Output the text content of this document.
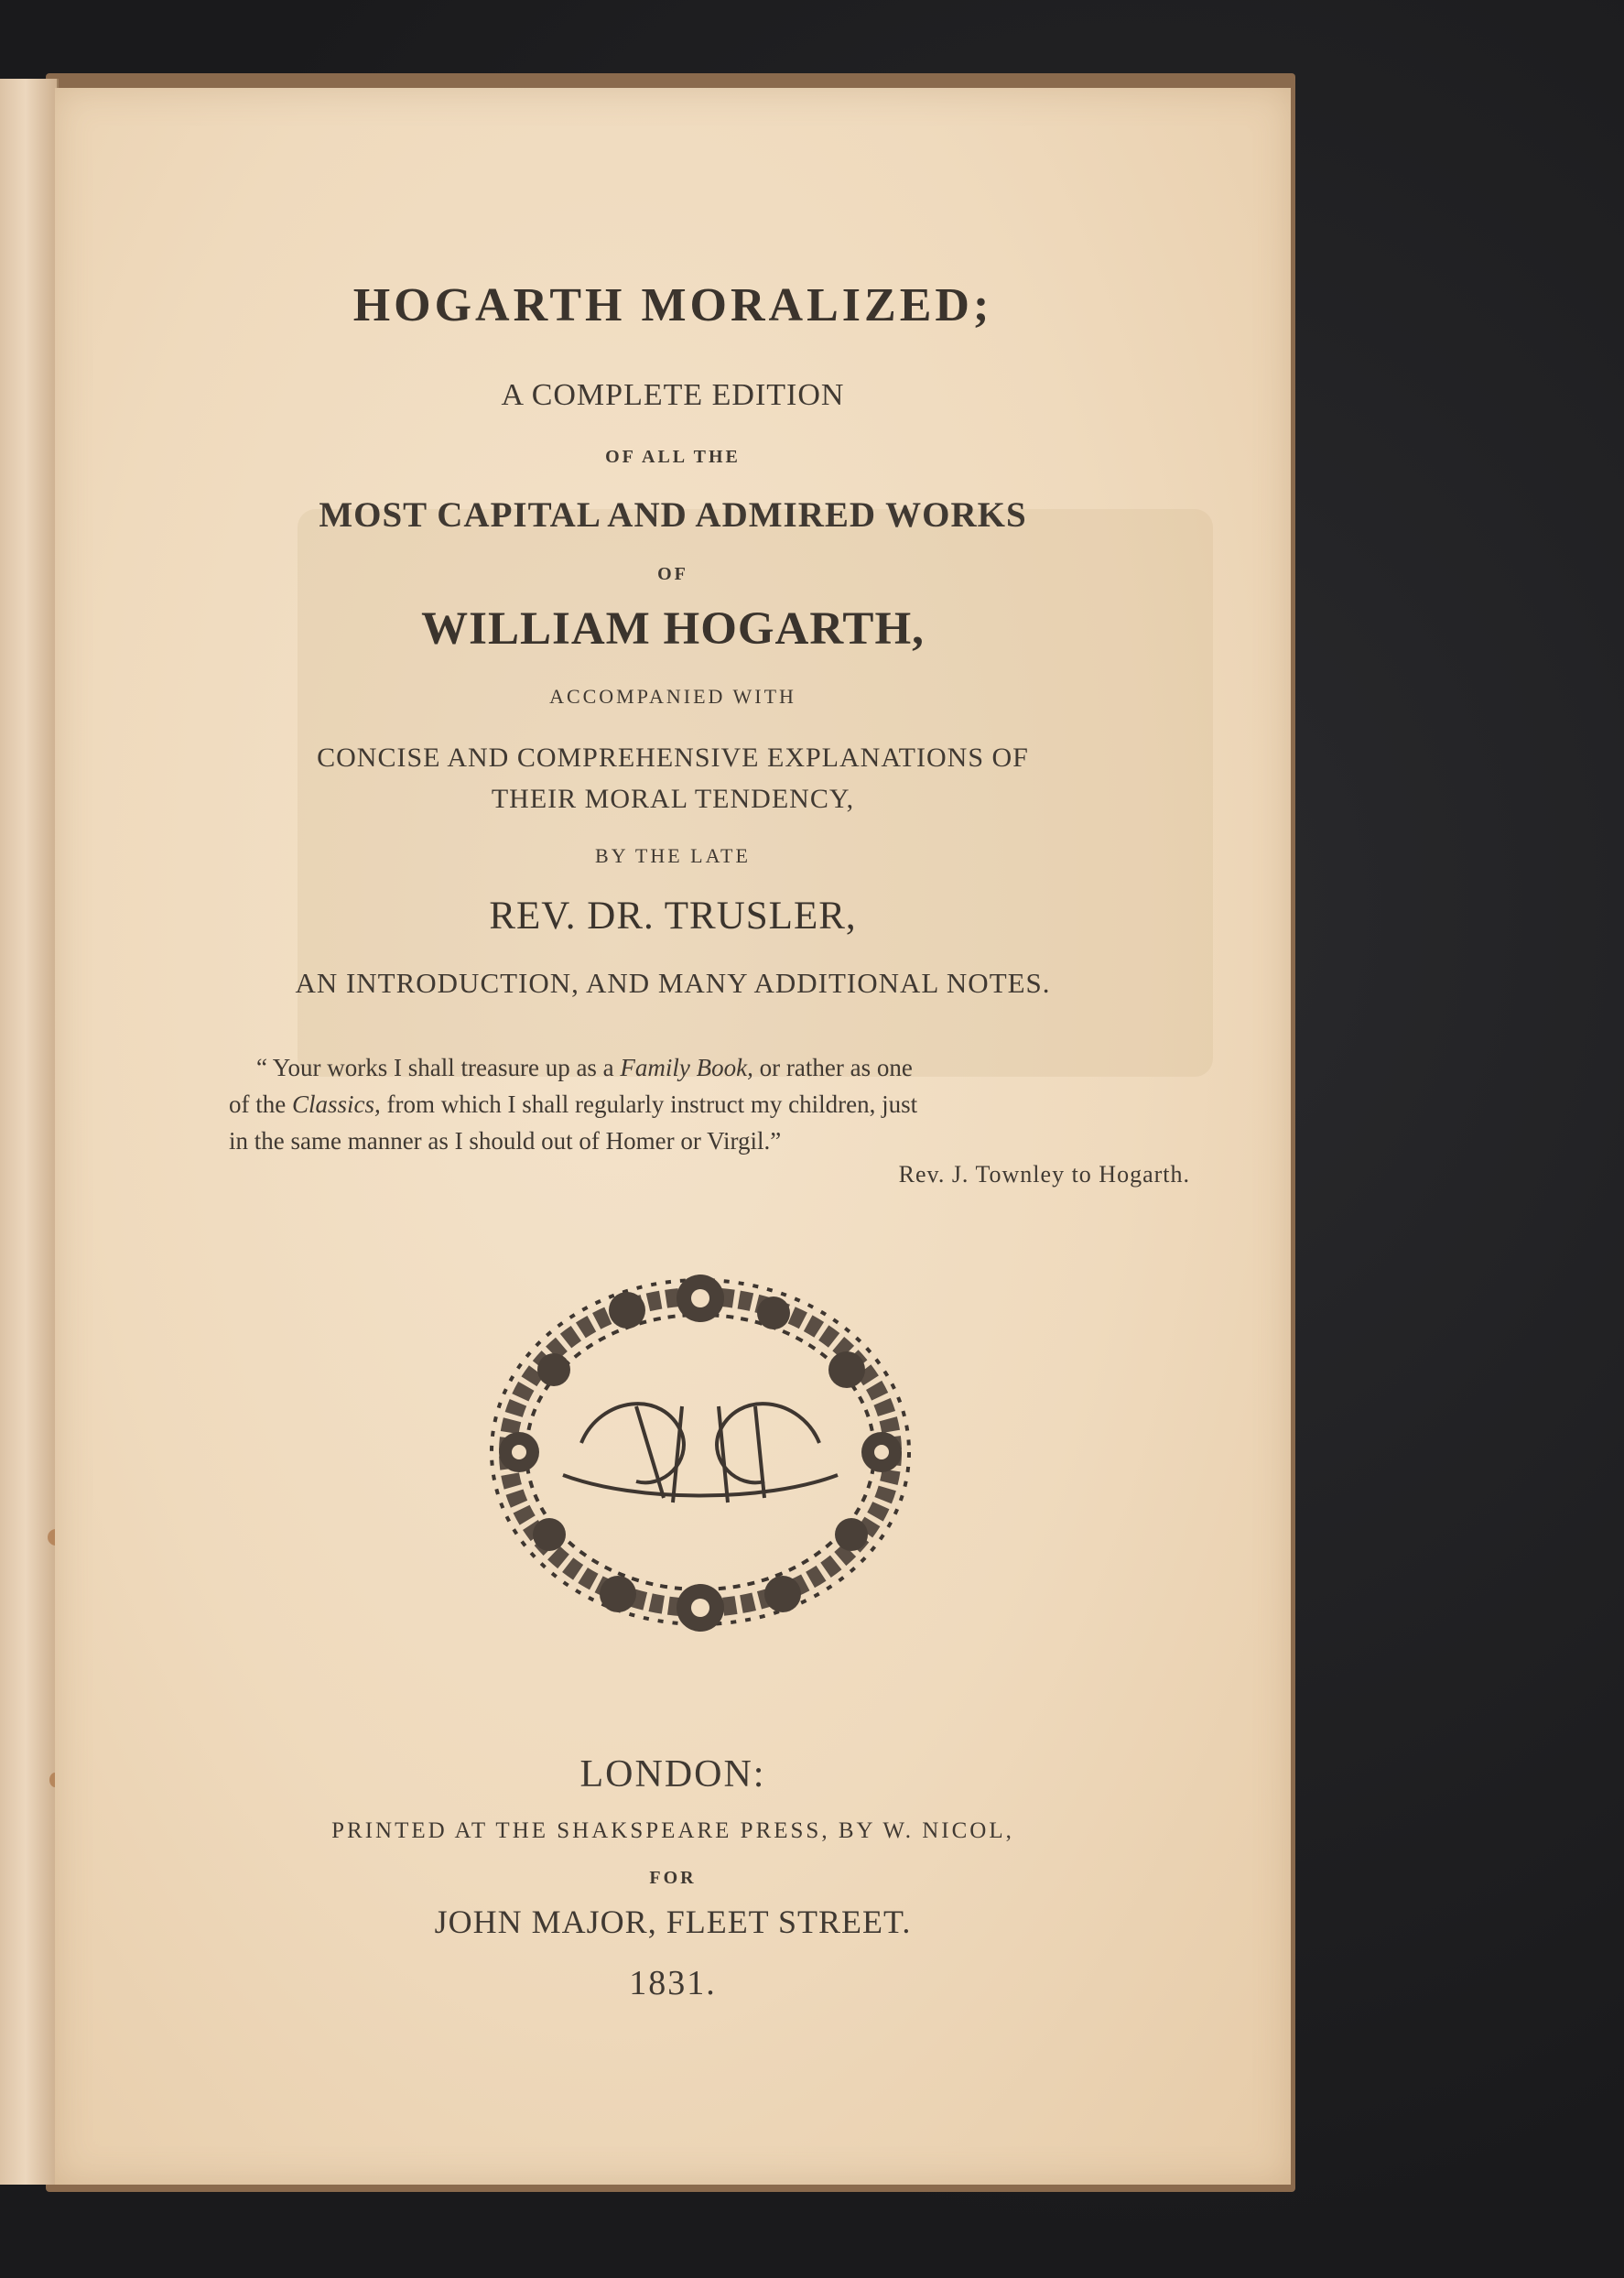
HOGARTH MORALIZED;
A COMPLETE EDITION
OF ALL THE
MOST CAPITAL AND ADMIRED WORKS
OF
WILLIAM HOGARTH,
ACCOMPANIED WITH
CONCISE AND COMPREHENSIVE EXPLANATIONS OF
THEIR MORAL TENDENCY,
BY THE LATE
REV. DR. TRUSLER,
AN INTRODUCTION, AND MANY ADDITIONAL NOTES.
“ Your works I shall treasure up as a Family Book, or rather as one
of the Classics, from which I shall regularly instruct my children, just
in the same manner as I should out of Homer or Virgil.”
Rev. J. Townley to Hogarth.
LONDON:
PRINTED AT THE SHAKSPEARE PRESS, BY W. NICOL,
FOR
JOHN MAJOR, FLEET STREET.
1831.
